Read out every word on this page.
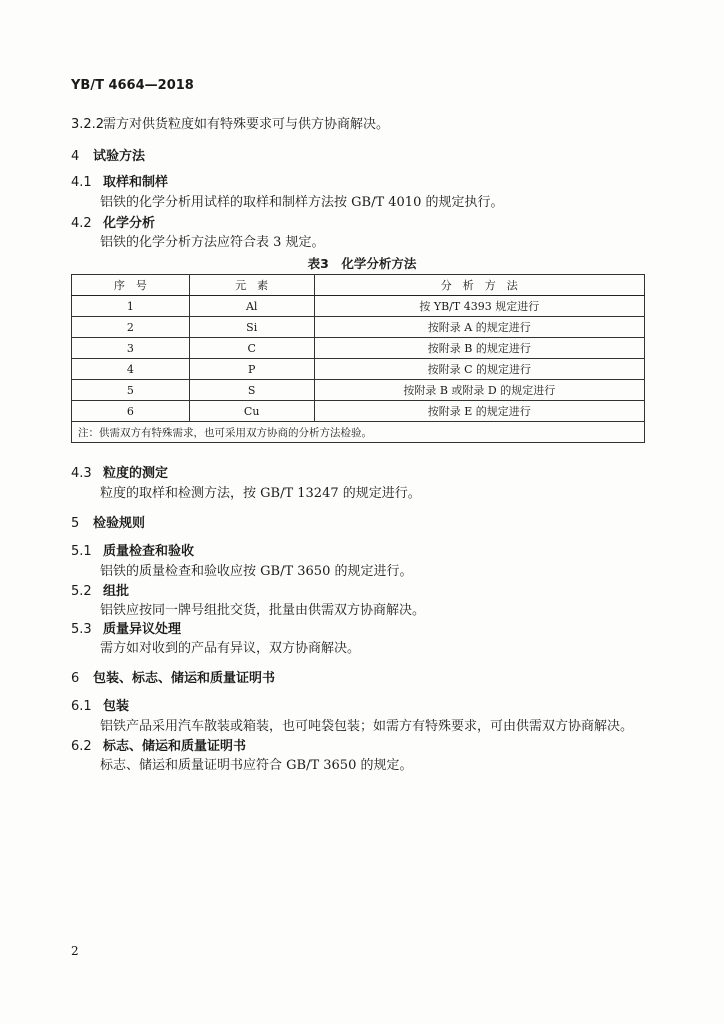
YB/T 4664—2018
3.2.2需方对供货粒度如有特殊要求可与供方协商解决。
4 试验方法
4.1 取样和制样
铝铁的化学分析用试样的取样和制样方法按 GB/T 4010 的规定执行。
4.2 化学分析
铝铁的化学分析方法应符合表 3 规定。
表3　化学分析方法
序　号	元　素	分　析　方　法
1	Al	按 YB/T 4393 规定进行
2	Si	按附录 A 的规定进行
3	C	按附录 B 的规定进行
4	P	按附录 C 的规定进行
5	S	按附录 B 或附录 D 的规定进行
6	Cu	按附录 E 的规定进行
注：供需双方有特殊需求，也可采用双方协商的分析方法检验。		
4.3 粒度的测定
粒度的取样和检测方法，按 GB/T 13247 的规定进行。
5 检验规则
5.1 质量检查和验收
铝铁的质量检查和验收应按 GB/T 3650 的规定进行。
5.2 组批
铝铁应按同一牌号组批交货，批量由供需双方协商解决。
5.3 质量异议处理
需方如对收到的产品有异议，双方协商解决。
6 包装、标志、储运和质量证明书
6.1 包装
铝铁产品采用汽车散装或箱装，也可吨袋包装；如需方有特殊要求，可由供需双方协商解决。
6.2 标志、储运和质量证明书
标志、储运和质量证明书应符合 GB/T 3650 的规定。
2
